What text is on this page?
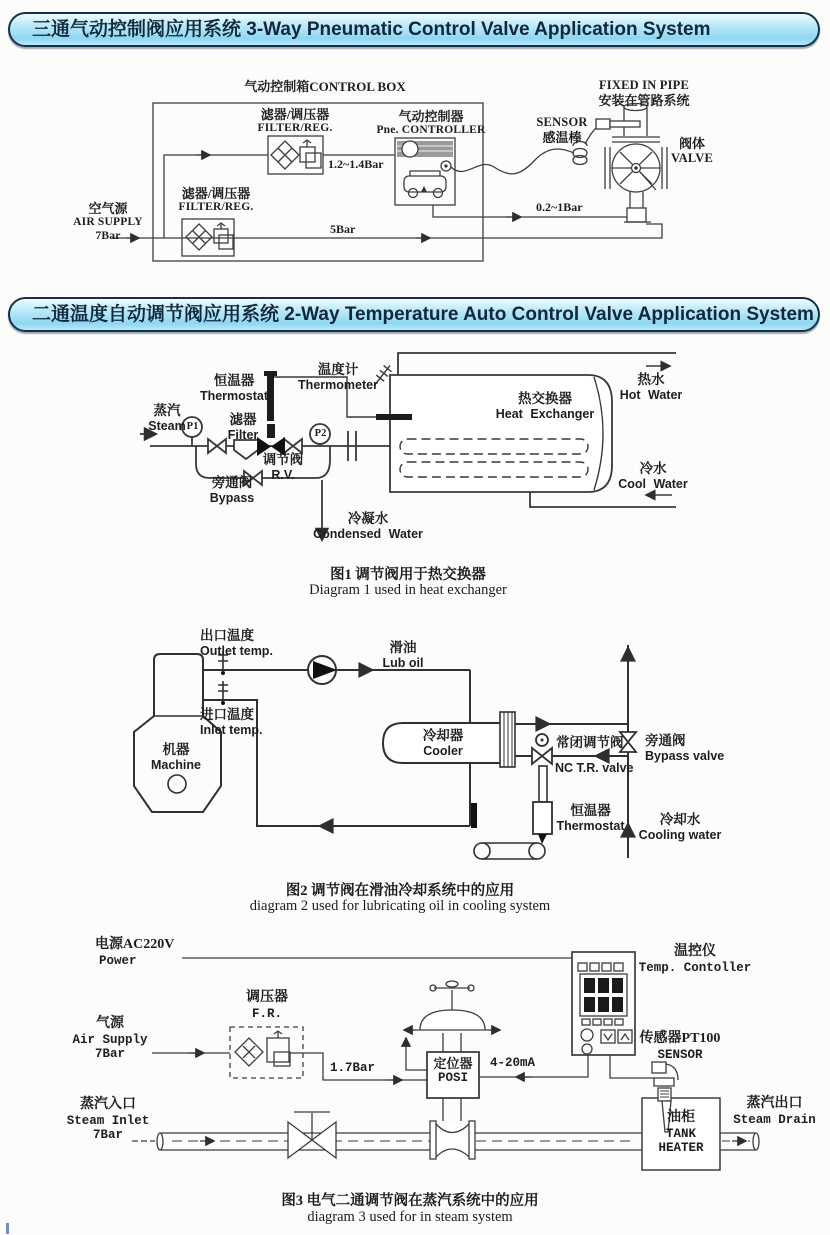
三通气动控制阀应用系统 3-Way Pneumatic Control Valve Application System
二通温度自动调节阀应用系统 2-Way Temperature Auto Control Valve Application System
气动控制箱CONTROL BOX
滤器/调压器
FILTER/REG.
气动控制器
Pne. CONTROLLER
空气源
AIR SUPPLY
7Bar
滤器/调压器
FILTER/REG.
1.2~1.4Bar
5Bar
0.2~1Bar
FIXED IN PIPE
安装在管路系统
SENSOR
感温棒	阀体
VALVE
恒温器
Thermostat
温度计
Thermometer
蒸汽
Steam P1
P2
滤器
Filter
调节阀
R.V.
旁通阀
Bypass
热交换器
Heat Exchanger
热水
Hot Water
冷水
Cool Water
冷凝水
Condensed Water
图1 调节阀用于热交换器
Diagram 1 used in heat exchanger
出口温度
Outlet temp.
进口温度
Inlet temp.
机器
Machine
滑油
Lub oil
冷却器
Cooler
常闭调节阀
NC T.R. valve
旁通阀
Bypass valve
恒温器
Thermostat	冷却水
Cooling water
图2 调节阀在滑油冷却系统中的应用
diagram 2 used for lubricating oil in cooling system
电源AC220V
Power
调压器
F.R.
气源
Air Supply
7Bar
1.7Bar
蒸汽入口
Steam Inlet
7Bar
定位器
POSI
4-20mA
温控仪
Temp. Contoller
传感器PT100
SENSOR
油柜
TANK
HEATER
蒸汽出口
Steam Drain
图3 电气二通调节阀在蒸汽系统中的应用
diagram 3 used for in steam system
